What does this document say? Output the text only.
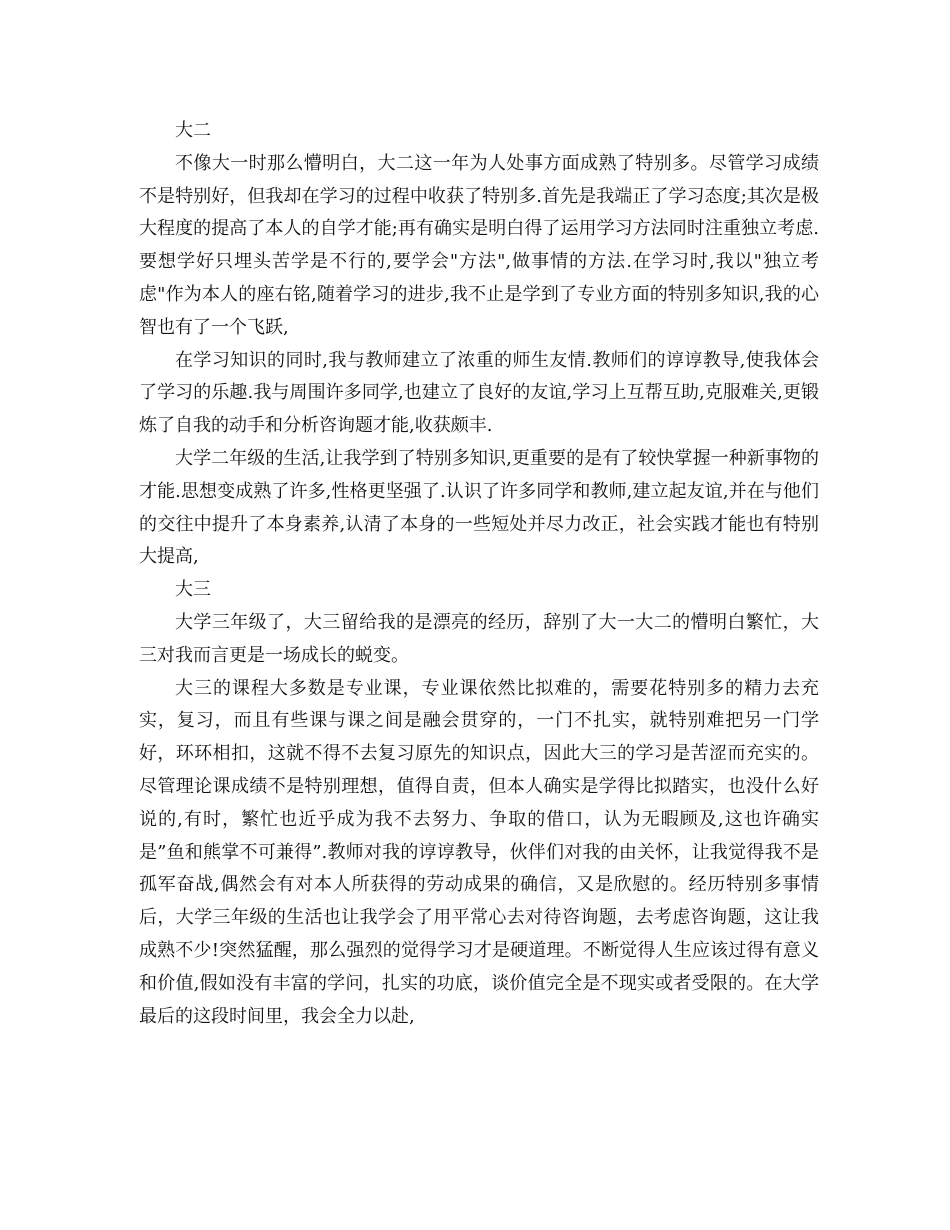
大二

不像大一时那么懵明白，大二这一年为人处事方面成熟了特别多。尽管学习成绩不是特别好，但我却在学习的过程中收获了特别多.首先是我端正了学习态度;其次是极大程度的提高了本人的自学才能;再有确实是明白得了运用学习方法同时注重独立考虑.要想学好只埋头苦学是不行的,要学会"方法",做事情的方法.在学习时,我以"独立考虑"作为本人的座右铭,随着学习的进步,我不止是学到了专业方面的特别多知识,我的心智也有了一个飞跃,

在学习知识的同时,我与教师建立了浓重的师生友情.教师们的谆谆教导,使我体会了学习的乐趣.我与周围许多同学,也建立了良好的友谊,学习上互帮互助,克服难关,更锻炼了自我的动手和分析咨询题才能,收获颇丰.

大学二年级的生活,让我学到了特别多知识,更重要的是有了较快掌握一种新事物的才能.思想变成熟了许多,性格更坚强了.认识了许多同学和教师,建立起友谊,并在与他们的交往中提升了本身素养,认清了本身的一些短处并尽力改正，社会实践才能也有特别大提高,

大三

大学三年级了，大三留给我的是漂亮的经历，辞别了大一大二的懵明白繁忙，大三对我而言更是一场成长的蜕变。

大三的课程大多数是专业课，专业课依然比拟难的，需要花特别多的精力去充实，复习，而且有些课与课之间是融会贯穿的，一门不扎实，就特别难把另一门学好，环环相扣，这就不得不去复习原先的知识点，因此大三的学习是苦涩而充实的。尽管理论课成绩不是特别理想，值得自责，但本人确实是学得比拟踏实，也没什么好说的,有时，繁忙也近乎成为我不去努力、争取的借口，认为无暇顾及,这也许确实是”鱼和熊掌不可兼得”.教师对我的谆谆教导，伙伴们对我的由关怀，让我觉得我不是孤军奋战,偶然会有对本人所获得的劳动成果的确信，又是欣慰的。经历特别多事情后，大学三年级的生活也让我学会了用平常心去对待咨询题，去考虑咨询题，这让我成熟不少!突然猛醒，那么强烈的觉得学习才是硬道理。不断觉得人生应该过得有意义和价值,假如没有丰富的学问，扎实的功底，谈价值完全是不现实或者受限的。在大学最后的这段时间里，我会全力以赴,
